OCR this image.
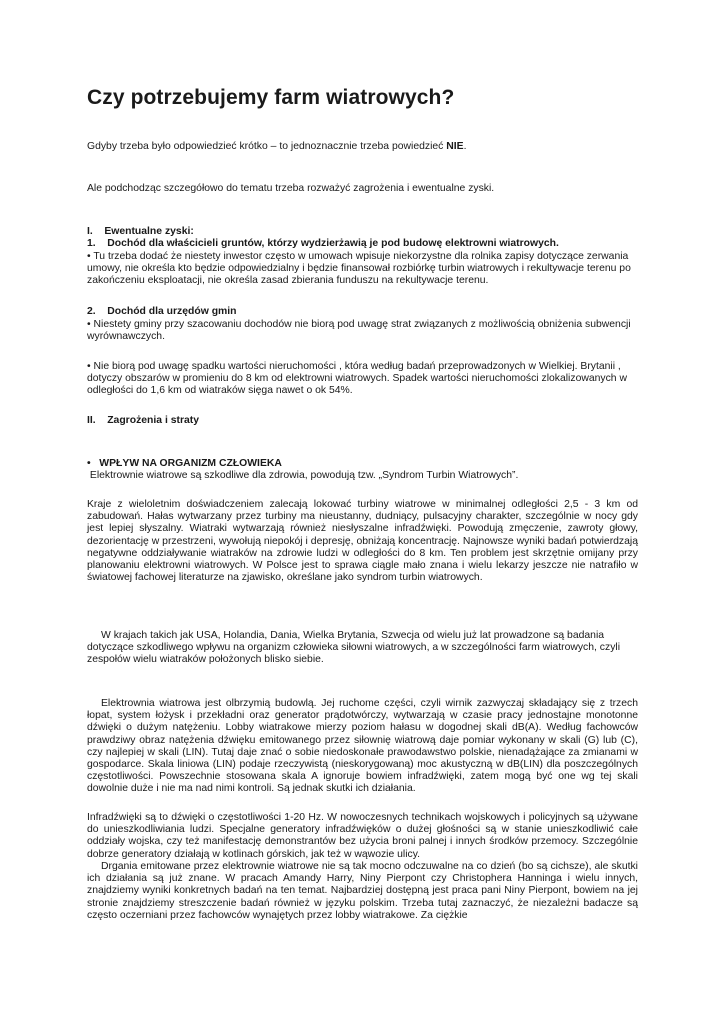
Czy potrzebujemy farm wiatrowych?

Gdyby trzeba było odpowiedzieć krótko – to jednoznacznie trzeba powiedzieć NIE.

Ale podchodząc szczegółowo do tematu trzeba rozważyć zagrożenia i ewentualne zyski.

I.    Ewentualne zyski:

1.    Dochód dla właścicieli gruntów, którzy wydzierżawią je pod budowę elektrowni wiatrowych.

• Tu trzeba dodać że niestety inwestor często w umowach wpisuje niekorzystne dla rolnika zapisy dotyczące zerwania umowy, nie określa kto będzie odpowiedzialny i będzie finansował rozbiórkę turbin wiatrowych i rekultywacje terenu po zakończeniu eksploatacji, nie określa zasad zbierania funduszu na rekultywacje terenu.

2.    Dochód dla urzędów gmin

• Niestety gminy przy szacowaniu dochodów nie biorą pod uwagę strat związanych z możliwością obniżenia subwencji wyrównawczych.

• Nie biorą pod uwagę spadku wartości nieruchomości , która według badań przeprowadzonych w Wielkiej. Brytanii , dotyczy obszarów w promieniu do 8 km od elektrowni wiatrowych. Spadek wartości nieruchomości zlokalizowanych w odległości do 1,6 km od wiatraków sięga nawet o ok 54%.

II.    Zagrożenia i straty

•   WPŁYW NA ORGANIZM CZŁOWIEKA

Elektrownie wiatrowe są szkodliwe dla zdrowia, powodują tzw. „Syndrom Turbin Wiatrowych”.

Kraje z wieloletnim doświadczeniem zalecają lokować turbiny wiatrowe w minimalnej odległości 2,5 - 3 km od zabudowań. Hałas wytwarzany przez turbiny ma nieustanny, dudniący, pulsacyjny charakter, szczególnie w nocy gdy jest lepiej słyszalny. Wiatraki wytwarzają również niesłyszalne infradźwięki. Powodują zmęczenie, zawroty głowy, dezorientację w przestrzeni, wywołują niepokój i depresję, obniżają koncentrację. Najnowsze wyniki badań potwierdzają negatywne oddziaływanie wiatraków na zdrowie ludzi w odległości do 8 km. Ten problem jest skrzętnie omijany przy planowaniu elektrowni wiatrowych. W Polsce jest to sprawa ciągle mało znana i wielu lekarzy jeszcze nie natrafiło w światowej fachowej literaturze na zjawisko, określane jako syndrom turbin wiatrowych.

W krajach takich jak USA, Holandia, Dania, Wielka Brytania, Szwecja od wielu już lat prowadzone są badania dotyczące szkodliwego wpływu na organizm człowieka siłowni wiatrowych, a w szczególności farm wiatrowych, czyli zespołów wielu wiatraków położonych blisko siebie.

Elektrownia wiatrowa jest olbrzymią budowlą. Jej ruchome części, czyli wirnik zazwyczaj składający się z trzech łopat, system łożysk i przekładni oraz generator prądotwórczy, wytwarzają w czasie pracy jednostajne monotonne dźwięki o dużym natężeniu. Lobby wiatrakowe mierzy poziom hałasu w dogodnej skali dB(A). Według fachowców prawdziwy obraz natężenia dźwięku emitowanego przez siłownię wiatrową daje pomiar wykonany w skali (G) lub (C), czy najlepiej w skali (LIN). Tutaj daje znać o sobie niedoskonałe prawodawstwo polskie, nienadążające za zmianami w gospodarce. Skala liniowa (LIN) podaje rzeczywistą (nieskorygowaną) moc akustyczną w dB(LIN) dla poszczególnych częstotliwości. Powszechnie stosowana skala A ignoruje bowiem infradźwięki, zatem mogą być one wg tej skali dowolnie duże i nie ma nad nimi kontroli. Są jednak skutki ich działania.

Infradźwięki są to dźwięki o częstotliwości 1-20 Hz. W nowoczesnych technikach wojskowych i policyjnych są używane do unieszkodliwiania ludzi. Specjalne generatory infradźwięków o dużej głośności są w stanie unieszkodliwić całe oddziały wojska, czy też manifestację demonstrantów bez użycia broni palnej i innych środków przemocy. Szczególnie dobrze generatory działają w kotlinach górskich, jak też w wąwozie ulicy.

Drgania emitowane przez elektrownie wiatrowe nie są tak mocno odczuwalne na co dzień (bo są cichsze), ale skutki ich działania są już znane. W pracach Amandy Harry, Niny Pierpont czy Christophera Hanninga i wielu innych, znajdziemy wyniki konkretnych badań na ten temat. Najbardziej dostępną jest praca pani Niny Pierpont, bowiem na jej stronie znajdziemy streszczenie badań również w języku polskim. Trzeba tutaj zaznaczyć, że niezależni badacze są często oczerniani przez fachowców wynajętych przez lobby wiatrakowe. Za ciężkie
